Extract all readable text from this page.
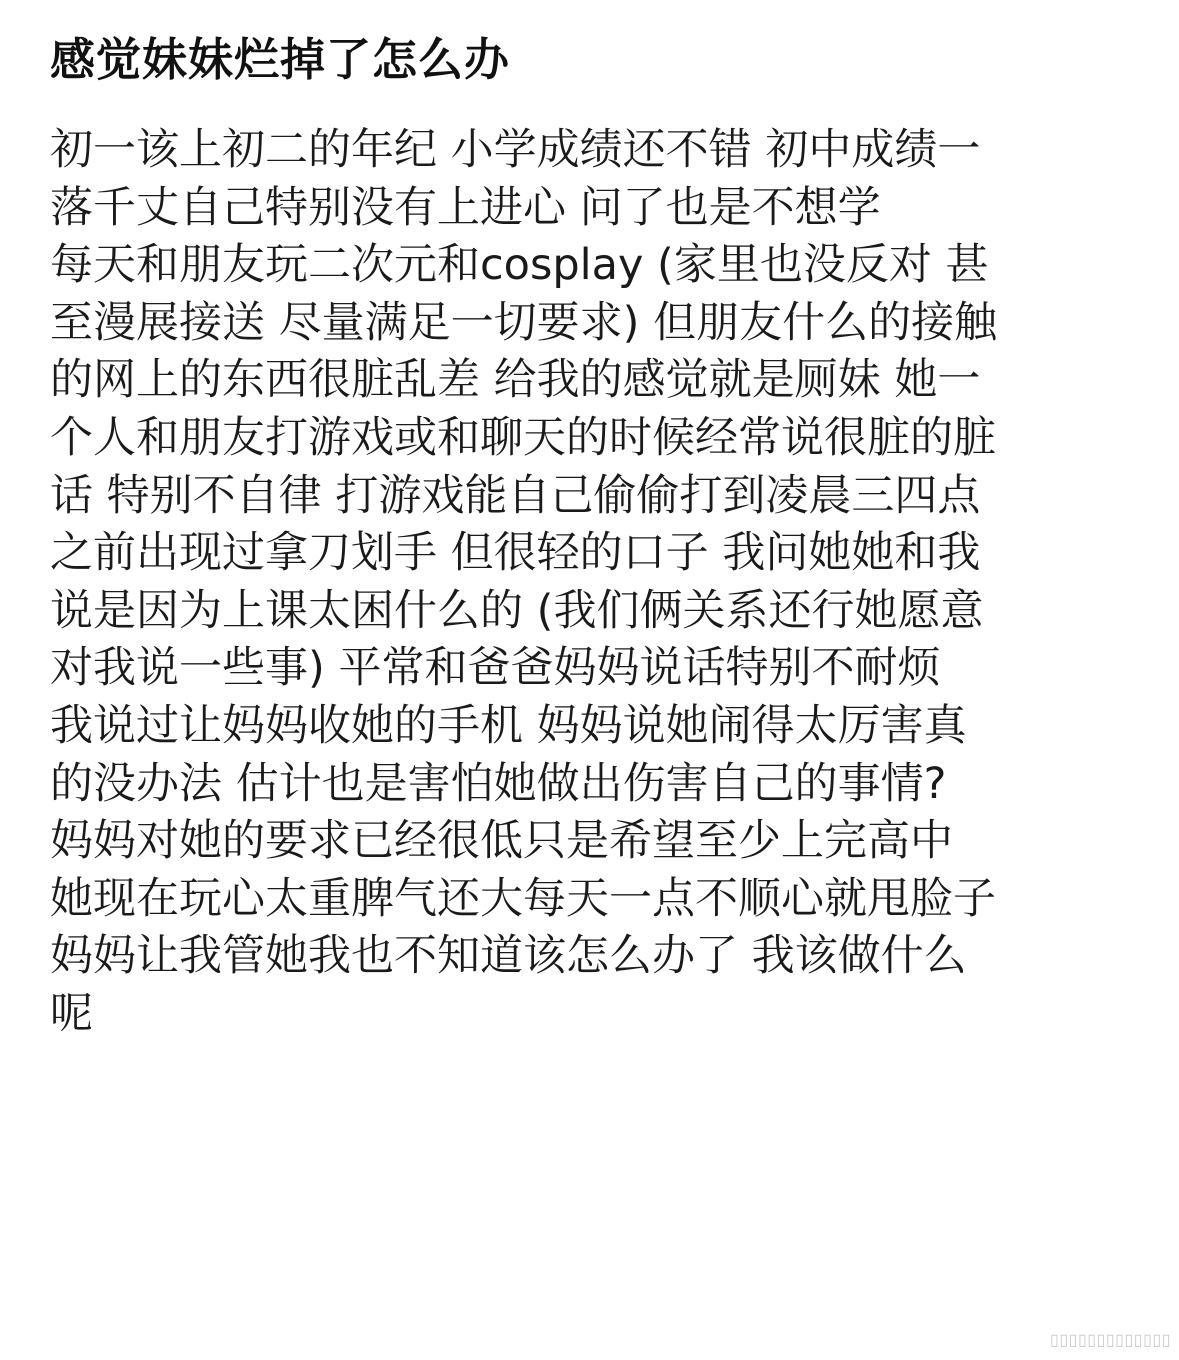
感觉妹妹烂掉了怎么办
初一该上初二的年纪 小学成绩还不错 初中成绩一
落千丈自己特别没有上进心 问了也是不想学
每天和朋友玩二次元和cosplay (家里也没反对 甚
至漫展接送 尽量满足一切要求) 但朋友什么的接触
的网上的东西很脏乱差 给我的感觉就是厕妹 她一
个人和朋友打游戏或和聊天的时候经常说很脏的脏
话 特别不自律 打游戏能自己偷偷打到凌晨三四点
之前出现过拿刀划手 但很轻的口子 我问她她和我
说是因为上课太困什么的 (我们俩关系还行她愿意
对我说一些事) 平常和爸爸妈妈说话特别不耐烦
我说过让妈妈收她的手机 妈妈说她闹得太厉害真
的没办法 估计也是害怕她做出伤害自己的事情?
妈妈对她的要求已经很低只是希望至少上完高中
她现在玩心太重脾气还大每天一点不顺心就甩脸子
妈妈让我管她我也不知道该怎么办了 我该做什么
呢
▯▯▯▯▯▯▯▯▯▯▯▯▯
